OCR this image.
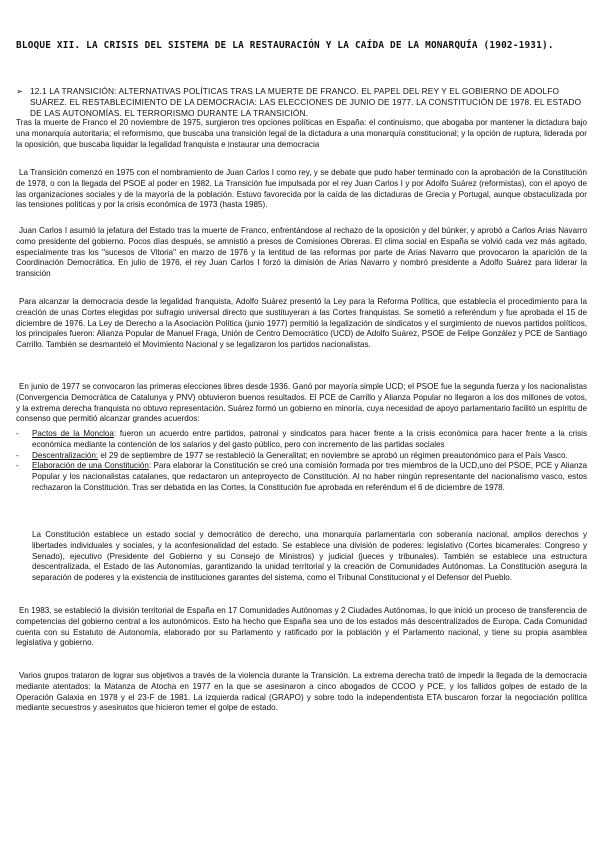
BLOQUE XII. LA CRISIS DEL SISTEMA DE LA RESTAURACIÓN Y LA CAÍDA DE LA MONARQUÍA (1902-1931).
➢ 12.1 LA TRANSICIÓN: ALTERNATIVAS POLÍTICAS TRAS LA MUERTE DE FRANCO. EL PAPEL DEL REY Y EL GOBIERNO DE ADOLFO SUÁREZ. EL RESTABLECIMIENTO DE LA DEMOCRACIA: LAS ELECCIONES DE JUNIO DE 1977. LA CONSTITUCIÓN DE 1978. EL ESTADO DE LAS AUTONOMÍAS. EL TERRORISMO DURANTE LA TRANSICIÓN.

Tras la muerte de Franco el 20 noviembre de 1975, surgieron tres opciones políticas en España: el continuismo, que abogaba por mantener la dictadura bajo una monarquía autoritaria; el reformismo, que buscaba una transición legal de la dictadura a una monarquía constitucional; y la opción de ruptura, liderada por la oposición, que buscaba liquidar la legalidad franquista e instaurar una democracia

La Transición comenzó en 1975 con el nombramiento de Juan Carlos I como rey, y se debate que pudo haber terminado con la aprobación de la Constitución de 1978, o con la llegada del PSOE al poder en 1982. La Transición fue impulsada por el rey Juan Carlos I y por Adolfo Suárez (reformistas), con el apoyo de las organizaciones sociales y de la mayoría de la población. Estuvo favorecida por la caída de las dictaduras de Grecia y Portugal, aunque obstaculizada por las tensiones políticas y por la crisis económica de 1973 (hasta 1985).

Juan Carlos I asumió la jefatura del Estado tras la muerte de Franco, enfrentándose al rechazo de la oposición y del búnker, y aprobó a Carlos Arias Navarro como presidente del gobierno. Pocos días después, se amnistió a presos de Comisiones Obreras. El clima social en España se volvió cada vez más agitado, especialmente tras los "sucesos de Vitoria" en marzo de 1976 y la lentitud de las reformas por parte de Arias Navarro que provocaron la aparición de la Coordinación Democrática. En julio de 1976, el rey Juan Carlos I forzó la dimisión de Arias Navarro y nombró presidente a Adolfo Suárez para liderar la transición

Para alcanzar la democracia desde la legalidad franquista, Adolfo Suárez presentó la Ley para la Reforma Política, que establecía el procedimiento para la creación de unas Cortes elegidas por sufragio universal directo que sustituyeran a las Cortes franquistas. Se sometió a referéndum y fue aprobada el 15 de diciembre de 1976. La Ley de Derecho a la Asociación Política (junio 1977) permitió la legalización de sindicatos y el surgimiento de nuevos partidos políticos, los principales fueron: Alianza Popular de Manuel Fraga, Unión de Centro Democrático (UCD) de Adolfo Suárez, PSOE de Felipe González y PCE de Santiago Carrillo. También se desmanteló el Movimiento Nacional y se legalizaron los partidos nacionalistas.

En junio de 1977 se convocaron las primeras elecciones libres desde 1936. Ganó por mayoría simple UCD; el PSOE fue la segunda fuerza y los nacionalistas (Convergencia Democrática de Catalunya y PNV) obtuvieron buenos resultados. El PCE de Carrillo y Alianza Popular no llegaron a los dos millones de votos, y la extrema derecha franquista no obtuvo representación. Suárez formó un gobierno en minoría, cuya necesidad de apoyo parlamentario facilitó un espíritu de consenso que permitió alcanzar grandes acuerdos:

- Pactos de la Moncloa: fueron un acuerdo entre partidos, patronal y sindicatos para hacer frente a la crisis económica para hacer frente a la crisis económica mediante la contención de los salarios y del gasto público, pero con incremento de las partidas sociales
- Descentralización: el 29 de septiembre de 1977 se restableció la Generalitat; en noviembre se aprobó un régimen preautonómico para el País Vasco.
- Elaboración de una Constitución: Para elaborar la Constitución se creó una comisión formada por tres miembros de la UCD,uno del PSOE, PCE y Alianza Popular y los nacionalistas catalanes, que redactaron un anteproyecto de Constitución. Al no haber ningún representante del nacionalismo vasco, estos rechazaron la Constitución. Tras ser debatida en las Cortes, la Constitución fue aprobada en referéndum el 6 de diciembre de 1978.

La Constitución establece un estado social y democrático de derecho, una monarquía parlamentaria con soberanía nacional, amplios derechos y libertades individuales y sociales, y la aconfesionalidad del estado. Se establece una división de poderes: legislativo (Cortes bicamerales: Congreso y Senado), ejecutivo (Presidente del Gobierno y su Consejo de Ministros) y judicial (jueces y tribunales). También se establece una estructura descentralizada, el Estado de las Autonomías, garantizando la unidad territorial y la creación de Comunidades Autónomas. La Constitución asegura la separación de poderes y la existencia de instituciones garantes del sistema, como el Tribunal Constitucional y el Defensor del Pueblo.

En 1983, se estableció la división territorial de España en 17 Comunidades Autónomas y 2 Ciudades Autónomas, lo que inició un proceso de transferencia de competencias del gobierno central a los autonómicos. Esto ha hecho que España sea uno de los estados más descentralizados de Europa. Cada Comunidad cuenta con su Estatuto de Autonomía, elaborado por su Parlamento y ratificado por la población y el Parlamento nacional, y tiene su propia asamblea legislativa y gobierno.

Varios grupos trataron de lograr sus objetivos a través de la violencia durante la Transición. La extrema derecha trató de impedir la llegada de la democracia mediante atentados: la Matanza de Atocha en 1977 en la que se asesinaron a cinco abogados de CCOO y PCE, y los fallidos golpes de estado de la Operación Galaxia en 1978 y el 23-F de 1981. La izquierda radical (GRAPO) y sobre todo la independentista ETA buscaron forzar la negociación política mediante secuestros y asesinatos que hicieron temer el golpe de estado.
